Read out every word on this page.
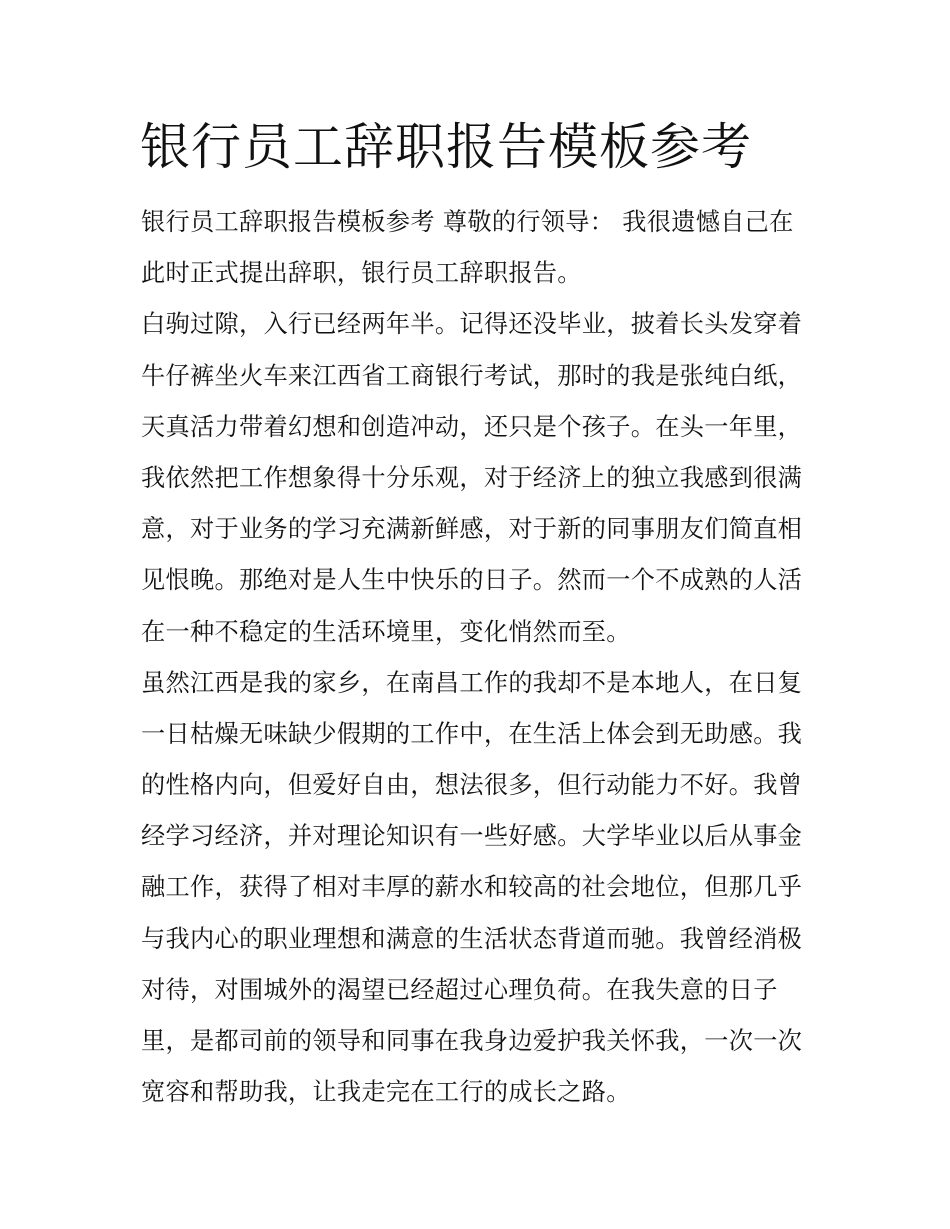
银行员工辞职报告模板参考

银行员工辞职报告模板参考 尊敬的行领导： 我很遗憾自己在

此时正式提出辞职，银行员工辞职报告。

白驹过隙，入行已经两年半。记得还没毕业，披着长头发穿着

牛仔裤坐火车来江西省工商银行考试，那时的我是张纯白纸，

天真活力带着幻想和创造冲动，还只是个孩子。在头一年里，

我依然把工作想象得十分乐观，对于经济上的独立我感到很满

意，对于业务的学习充满新鲜感，对于新的同事朋友们简直相

见恨晚。那绝对是人生中快乐的日子。然而一个不成熟的人活

在一种不稳定的生活环境里，变化悄然而至。

虽然江西是我的家乡，在南昌工作的我却不是本地人，在日复

一日枯燥无味缺少假期的工作中，在生活上体会到无助感。我

的性格内向，但爱好自由，想法很多，但行动能力不好。我曾

经学习经济，并对理论知识有一些好感。大学毕业以后从事金

融工作，获得了相对丰厚的薪水和较高的社会地位，但那几乎

与我内心的职业理想和满意的生活状态背道而驰。我曾经消极

对待，对围城外的渴望已经超过心理负荷。在我失意的日子

里，是都司前的领导和同事在我身边爱护我关怀我，一次一次

宽容和帮助我，让我走完在工行的成长之路。
